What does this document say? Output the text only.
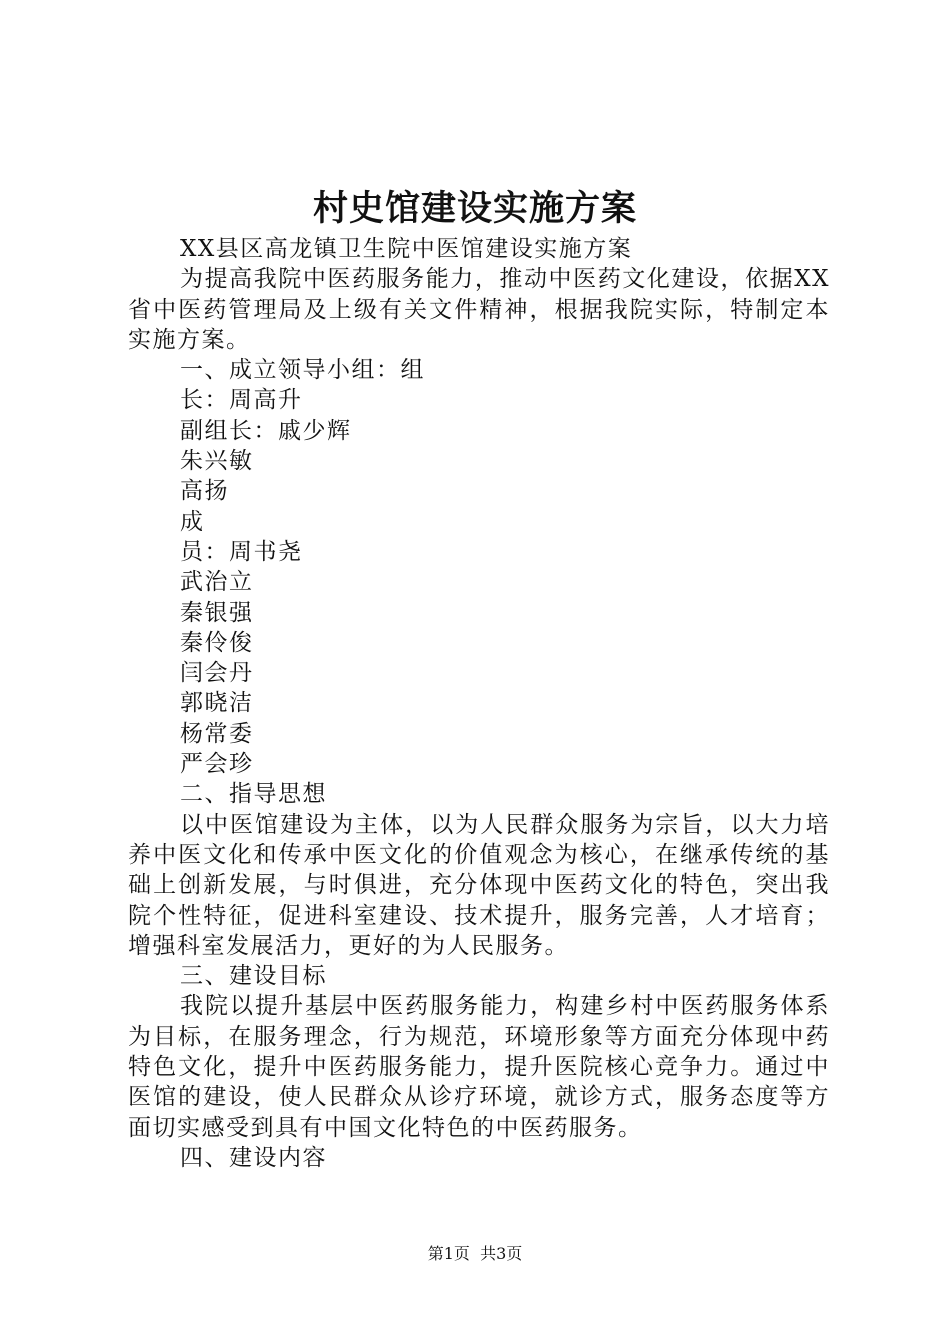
村史馆建设实施方案

XX县区高龙镇卫生院中医馆建设实施方案

为提高我院中医药服务能力，推动中医药文化建设，依据XX省中医药管理局及上级有关文件精神，根据我院实际，特制定本实施方案。

一、成立领导小组：组

长：周高升

副组长：戚少辉

朱兴敏

高扬

成

员：周书尧

武治立

秦银强

秦伶俊

闫会丹

郭晓洁

杨常委

严会珍

二、指导思想

以中医馆建设为主体，以为人民群众服务为宗旨，以大力培养中医文化和传承中医文化的价值观念为核心，在继承传统的基础上创新发展，与时俱进，充分体现中医药文化的特色，突出我院个性特征，促进科室建设、技术提升，服务完善，人才培育；增强科室发展活力，更好的为人民服务。

三、建设目标

我院以提升基层中医药服务能力，构建乡村中医药服务体系为目标，在服务理念，行为规范，环境形象等方面充分体现中药特色文化，提升中医药服务能力，提升医院核心竞争力。通过中医馆的建设，使人民群众从诊疗环境，就诊方式，服务态度等方面切实感受到具有中国文化特色的中医药服务。

四、建设内容

第1页 共3页
